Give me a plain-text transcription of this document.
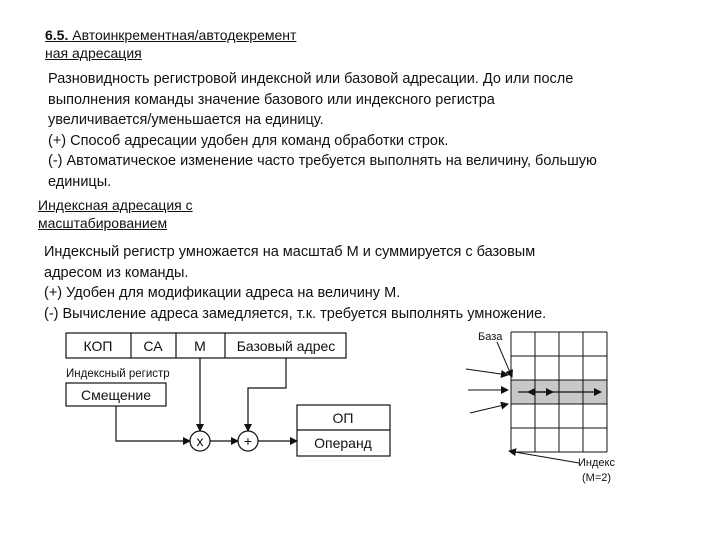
6.5. Автоинкрементная/автодекремент
ная адресация
Разновидность регистровой индексной или базовой адресации. До или после
выполнения команды значение базового или индексного регистра
увеличивается/уменьшается на единицу.
(+) Способ адресации удобен для команд обработки строк.
(-) Автоматическое изменение часто требуется выполнять на величину, большую
единицы.
Индексная адресация с
масштабированием
Индексный регистр умножается на масштаб М и суммируется с базовым
адресом из команды.
(+) Удобен для модификации адреса на величину М.
(-) Вычисление адреса замедляется, т.к. требуется выполнять умножение.
КОП СА М Базовый адрес
Индексный регистр
Смещение
x	+
ОП
Операнд
База
Индекс
(М=2)
